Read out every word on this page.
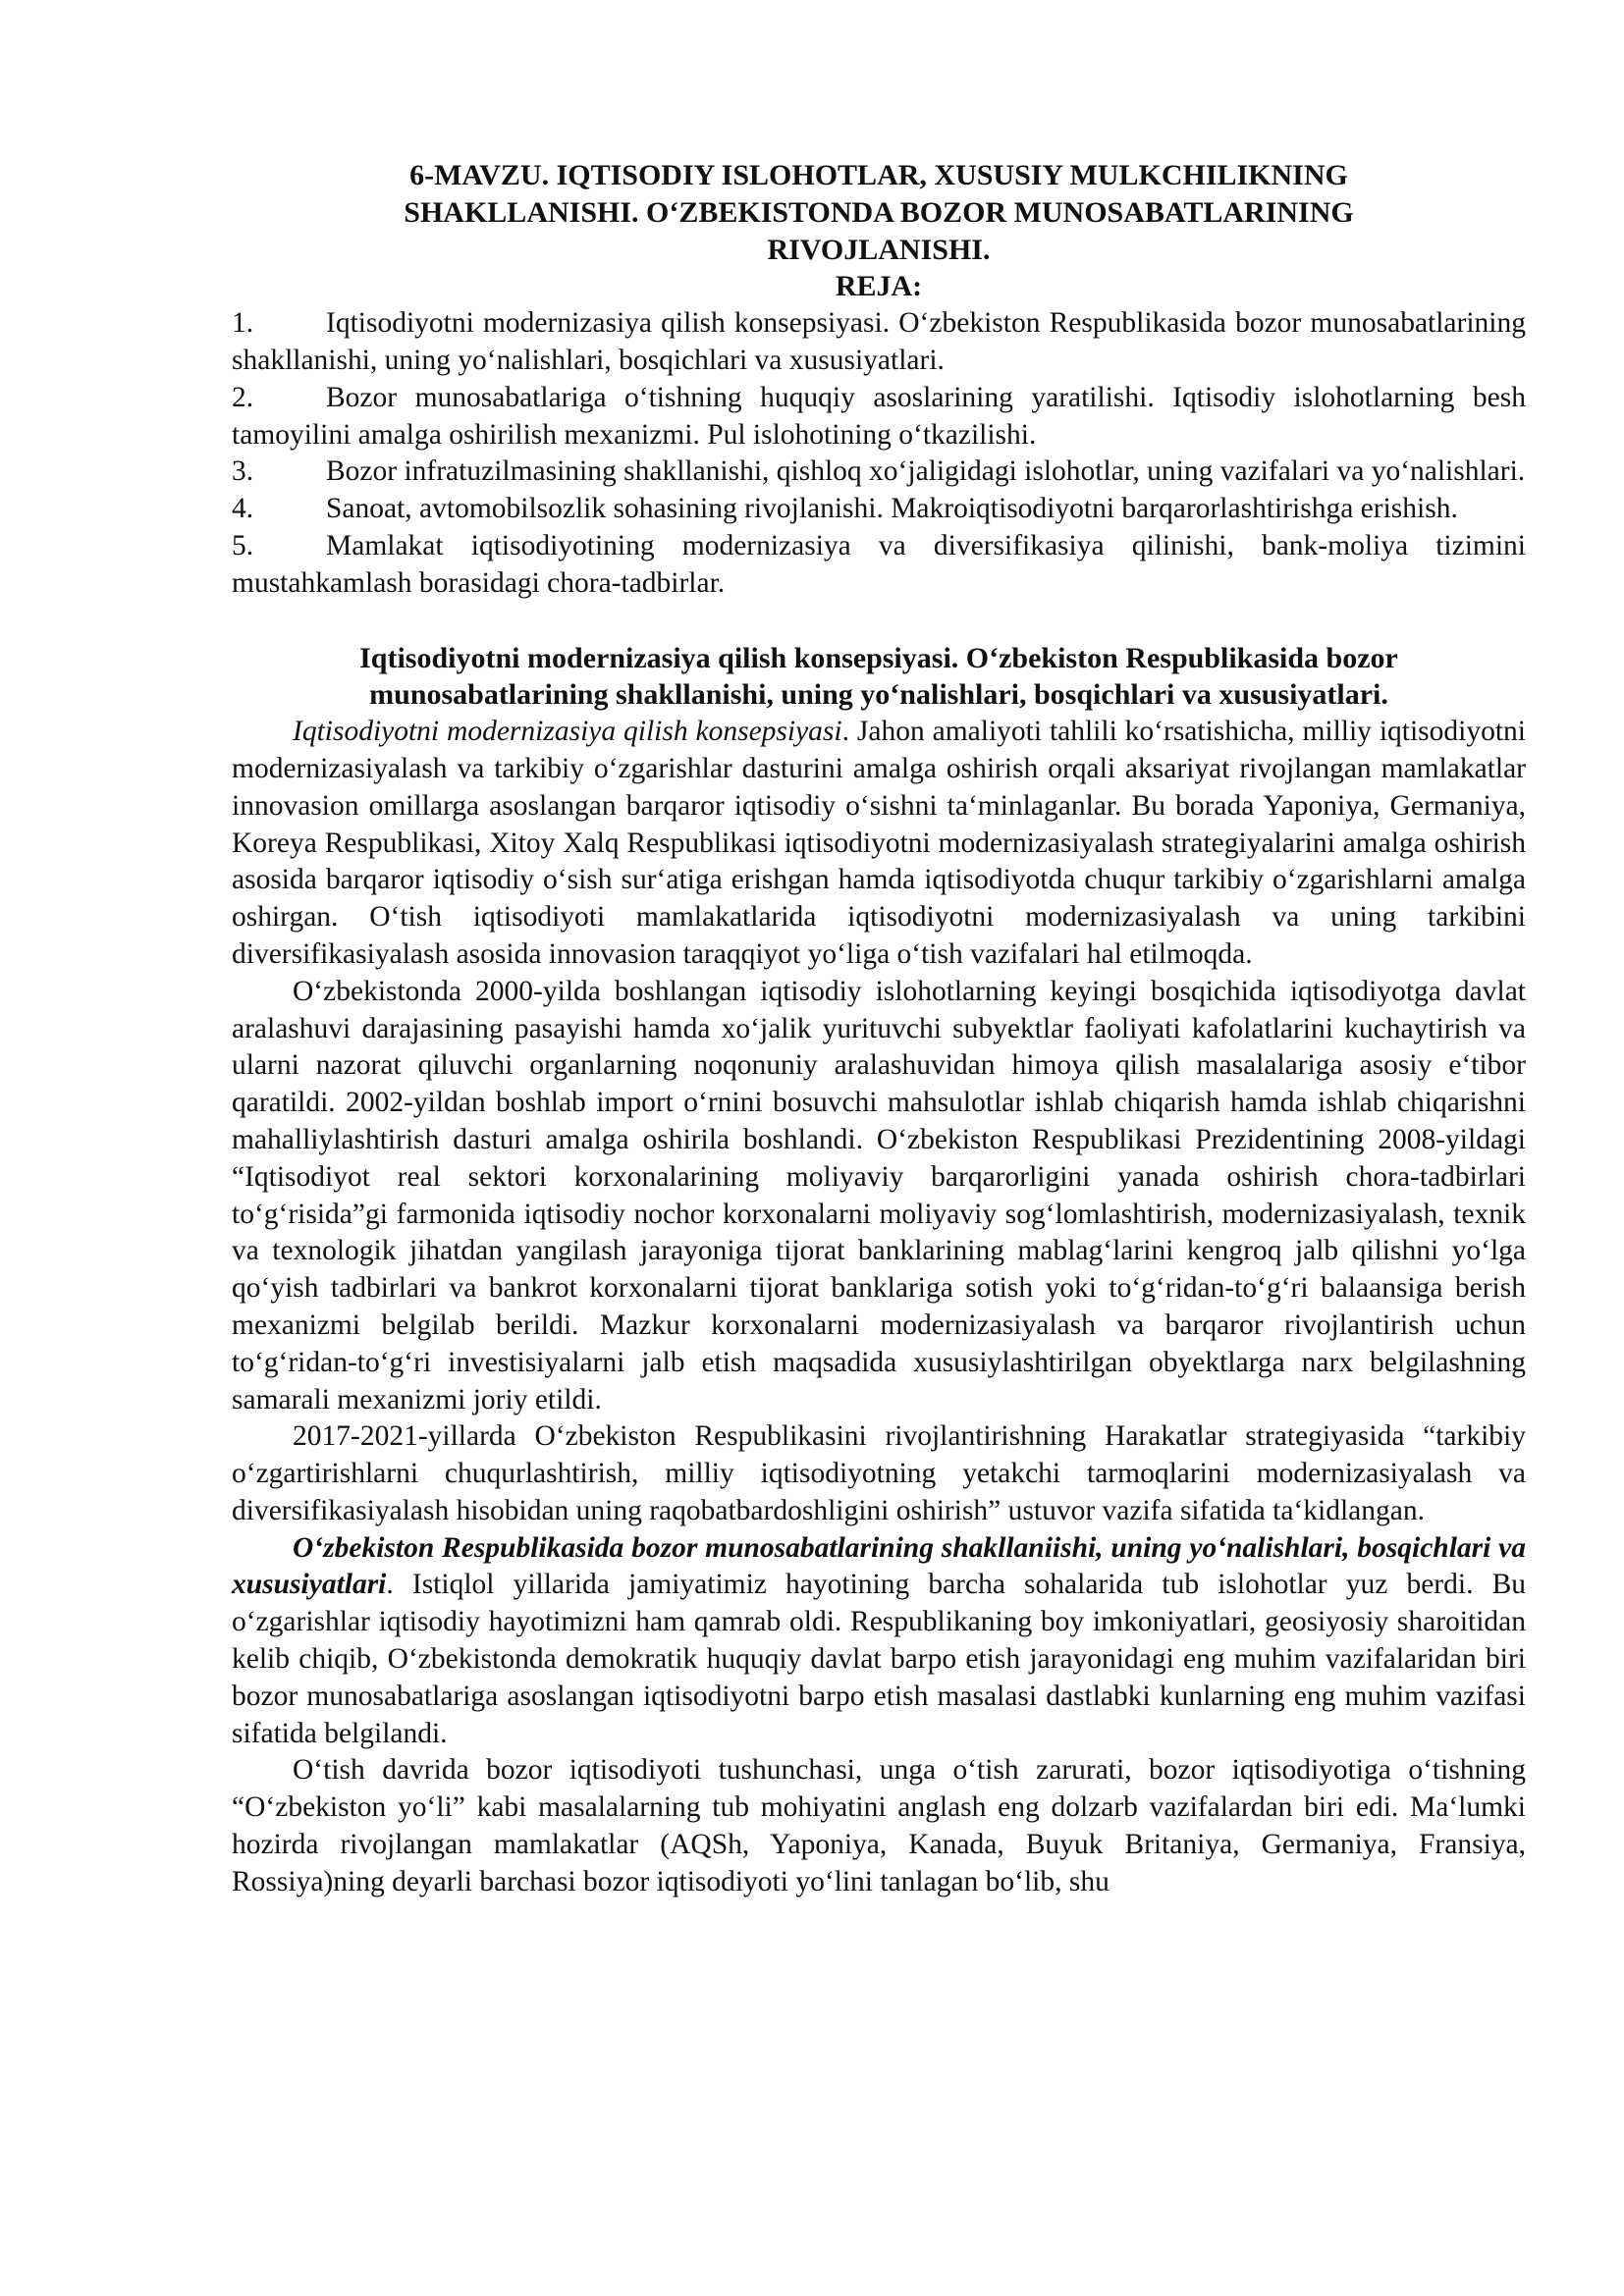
6-MAVZU. IQTISODIY ISLOHOTLAR, XUSUSIY MULKCHILIKNING SHAKLLANISHI. O‘ZBEKISTONDA BOZOR MUNOSABATLARINING RIVOJLANISHI.
REJA:
1.	Iqtisodiyotni modernizasiya qilish konsepsiyasi. O‘zbekiston Respublikasida bozor munosabatlarining shakllanishi, uning yo‘nalishlari, bosqichlari va xususiyatlari.
2.	Bozor munosabatlariga o‘tishning huquqiy asoslarining yaratilishi. Iqtisodiy islohotlarning besh tamoyilini amalga oshirilish mexanizmi. Pul islohotining o‘tkazilishi.
3.	Bozor infratuzilmasining shakllanishi, qishloq xo‘jaligidagi islohotlar, uning vazifalari va yo‘nalishlari.
4.	Sanoat, avtomobilsozlik sohasining rivojlanishi. Makroiqtisodiyotni barqarorlashtirishga erishish.
5.	Mamlakat iqtisodiyotining modernizasiya va diversifikasiya qilinishi, bank-moliya tizimini mustahkamlash borasidagi chora-tadbirlar.
Iqtisodiyotni modernizasiya qilish konsepsiyasi. O‘zbekiston Respublikasida bozor munosabatlarining shakllanishi, uning yo‘nalishlari, bosqichlari va xususiyatlari.

Iqtisodiyotni modernizasiya qilish konsepsiyasi. Jahon amaliyoti tahlili ko‘rsatishicha, milliy iqtisodiyotni modernizasiyalash va tarkibiy o‘zgarishlar dasturini amalga oshirish orqali aksariyat rivojlangan mamlakatlar innovasion omillarga asoslangan barqaror iqtisodiy o‘sishni ta‘minlaganlar. Bu borada Yaponiya, Germaniya, Koreya Respublikasi, Xitoy Xalq Respublikasi iqtisodiyotni modernizasiyalash strategiyalarini amalga oshirish asosida barqaror iqtisodiy o‘sish sur‘atiga erishgan hamda iqtisodiyotda chuqur tarkibiy o‘zgarishlarni amalga oshirgan. O‘tish iqtisodiyoti mamlakatlarida iqtisodiyotni modernizasiyalash va uning tarkibini diversifikasiyalash asosida innovasion taraqqiyot yo‘liga o‘tish vazifalari hal etilmoqda.

O‘zbekistonda 2000-yilda boshlangan iqtisodiy islohotlarning keyingi bosqichida iqtisodiyotga davlat aralashuvi darajasining pasayishi hamda xo‘jalik yurituvchi subyektlar faoliyati kafolatlarini kuchaytirish va ularni nazorat qiluvchi organlarning noqonuniy aralashuvidan himoya qilish masalalariga asosiy e‘tibor qaratildi. 2002-yildan boshlab import o‘rnini bosuvchi mahsulotlar ishlab chiqarish hamda ishlab chiqarishni mahalliylashtirish dasturi amalga oshirila boshlandi. O‘zbekiston Respublikasi Prezidentining 2008-yildagi “Iqtisodiyot real sektori korxonalarining moliyaviy barqarorligini yanada oshirish chora-tadbirlari to‘g‘risida”gi farmonida iqtisodiy nochor korxonalarni moliyaviy sog‘lomlashtirish, modernizasiyalash, texnik va texnologik jihatdan yangilash jarayoniga tijorat banklarining mablag‘larini kengroq jalb qilishni yo‘lga qo‘yish tadbirlari va bankrot korxonalarni tijorat banklariga sotish yoki to‘g‘ridan-to‘g‘ri balaansiga berish mexanizmi belgilab berildi. Mazkur korxonalarni modernizasiyalash va barqaror rivojlantirish uchun to‘g‘ridan-to‘g‘ri investisiyalarni jalb etish maqsadida xususiylashtirilgan obyektlarga narx belgilashning samarali mexanizmi joriy etildi.

2017-2021-yillarda O‘zbekiston Respublikasini rivojlantirishning Harakatlar strategiyasida “tarkibiy o‘zgartirishlarni chuqurlashtirish, milliy iqtisodiyotning yetakchi tarmoqlarini modernizasiyalash va diversifikasiyalash hisobidan uning raqobatbardoshligini oshirish” ustuvor vazifa sifatida ta‘kidlangan.

O‘zbekiston Respublikasida bozor munosabatlarining shakllaniishi, uning yo‘nalishlari, bosqichlari va xususiyatlari. Istiqlol yillarida jamiyatimiz hayotining barcha sohalarida tub islohotlar yuz berdi. Bu o‘zgarishlar iqtisodiy hayotimizni ham qamrab oldi. Respublikaning boy imkoniyatlari, geosiyosiy sharoitidan kelib chiqib, O‘zbekistonda demokratik huquqiy davlat barpo etish jarayonidagi eng muhim vazifalaridan biri bozor munosabatlariga asoslangan iqtisodiyotni barpo etish masalasi dastlabki kunlarning eng muhim vazifasi sifatida belgilandi.

O‘tish davrida bozor iqtisodiyoti tushunchasi, unga o‘tish zarurati, bozor iqtisodiyotiga o‘tishning “O‘zbekiston yo‘li” kabi masalalarning tub mohiyatini anglash eng dolzarb vazifalardan biri edi. Ma‘lumki hozirda rivojlangan mamlakatlar (AQSh, Yaponiya, Kanada, Buyuk Britaniya, Germaniya, Fransiya, Rossiya)ning deyarli barchasi bozor iqtisodiyoti yo‘lini tanlagan bo‘lib, shu
